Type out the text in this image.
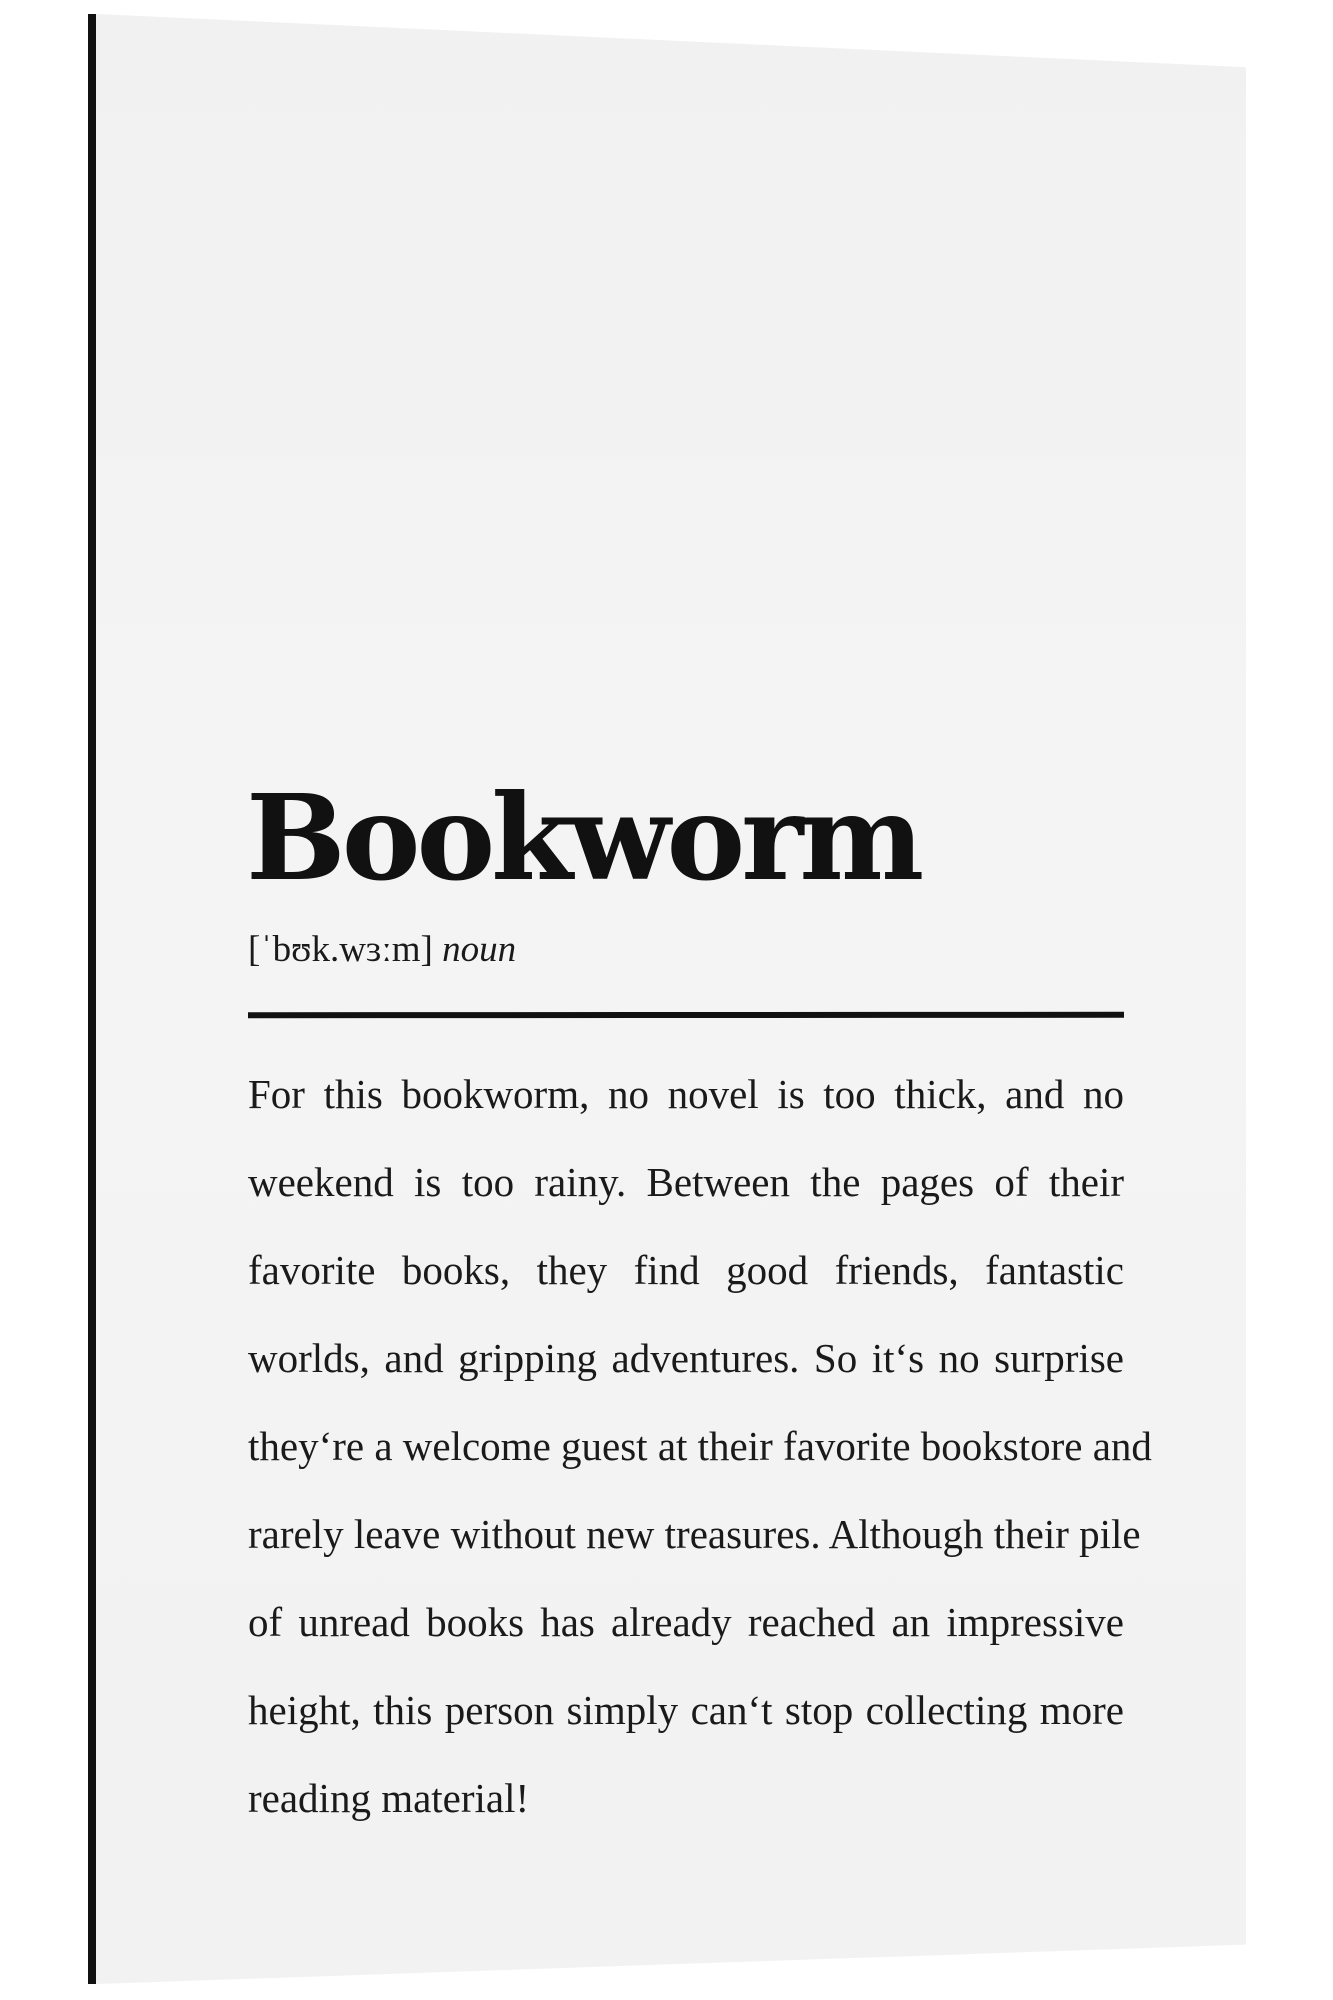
Bookworm
[ˈbʊk.wɜːm] noun
For this bookworm, no novel is too thick, and no
weekend is too rainy. Between the pages of their
favorite books, they find good friends, fantastic
worlds, and gripping adventures. So it‘s no surprise
they‘re a welcome guest at their favorite bookstore and
rarely leave without new treasures. Although their pile
of unread books has already reached an impressive
height, this person simply can‘t stop collecting more
reading material!
